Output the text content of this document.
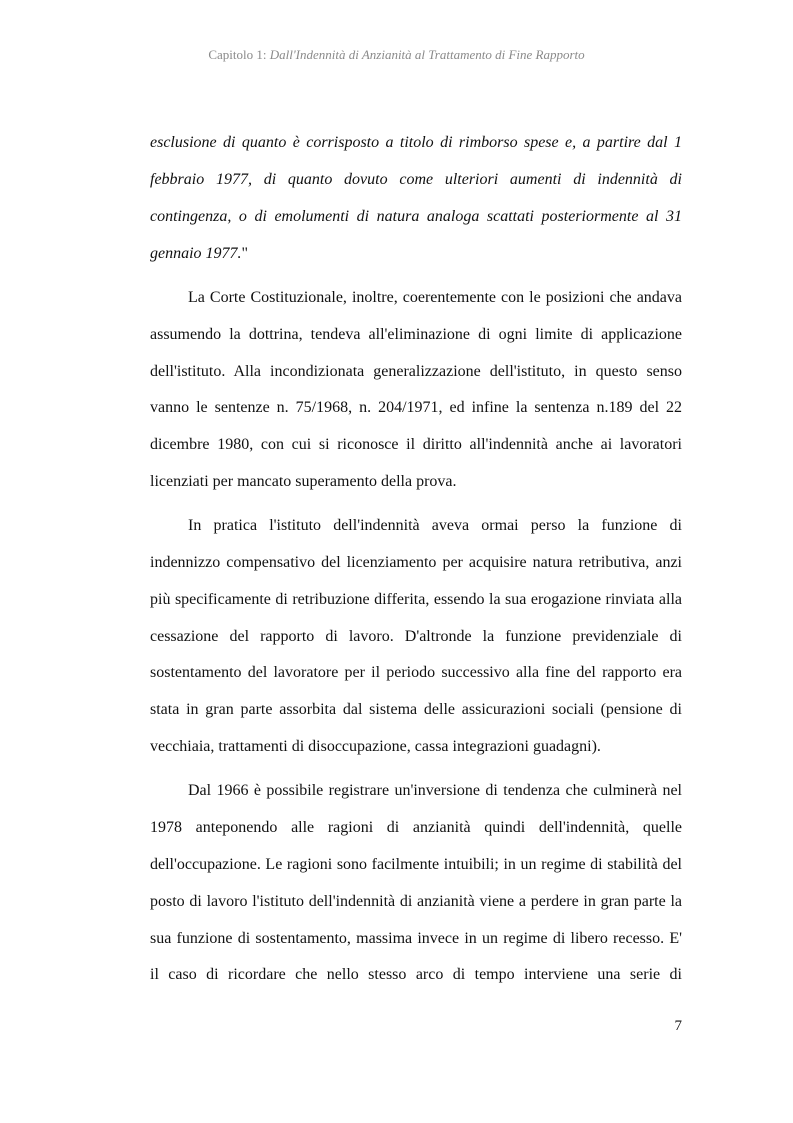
Capitolo 1: Dall'Indennità di Anzianità al Trattamento di Fine Rapporto
esclusione di quanto è corrisposto a titolo di rimborso spese e, a partire dal 1
febbraio 1977, di quanto dovuto come ulteriori aumenti di indennità di
contingenza, o di emolumenti di natura analoga scattati posteriormente al 31
gennaio 1977."
La Corte Costituzionale, inoltre, coerentemente con le posizioni che andava
assumendo la dottrina, tendeva all'eliminazione di ogni limite di applicazione
dell'istituto. Alla incondizionata generalizzazione dell'istituto, in questo senso
vanno le sentenze n. 75/1968, n. 204/1971, ed infine la sentenza n.189 del 22
dicembre 1980, con cui si riconosce il diritto all'indennità anche ai lavoratori
licenziati per mancato superamento della prova.
In pratica l'istituto dell'indennità aveva ormai perso la funzione di
indennizzo compensativo del licenziamento per acquisire natura retributiva, anzi
più specificamente di retribuzione differita, essendo la sua erogazione rinviata alla
cessazione del rapporto di lavoro. D'altronde la funzione previdenziale di
sostentamento del lavoratore per il periodo successivo alla fine del rapporto era
stata in gran parte assorbita dal sistema delle assicurazioni sociali (pensione di
vecchiaia, trattamenti di disoccupazione, cassa integrazioni guadagni).
Dal 1966 è possibile registrare un'inversione di tendenza che culminerà nel
1978 anteponendo alle ragioni di anzianità quindi dell'indennità, quelle
dell'occupazione. Le ragioni sono facilmente intuibili; in un regime di stabilità del
posto di lavoro l'istituto dell'indennità di anzianità viene a perdere in gran parte la
sua funzione di sostentamento, massima invece in un regime di libero recesso. E'
il caso di ricordare che nello stesso arco di tempo interviene una serie di
7
